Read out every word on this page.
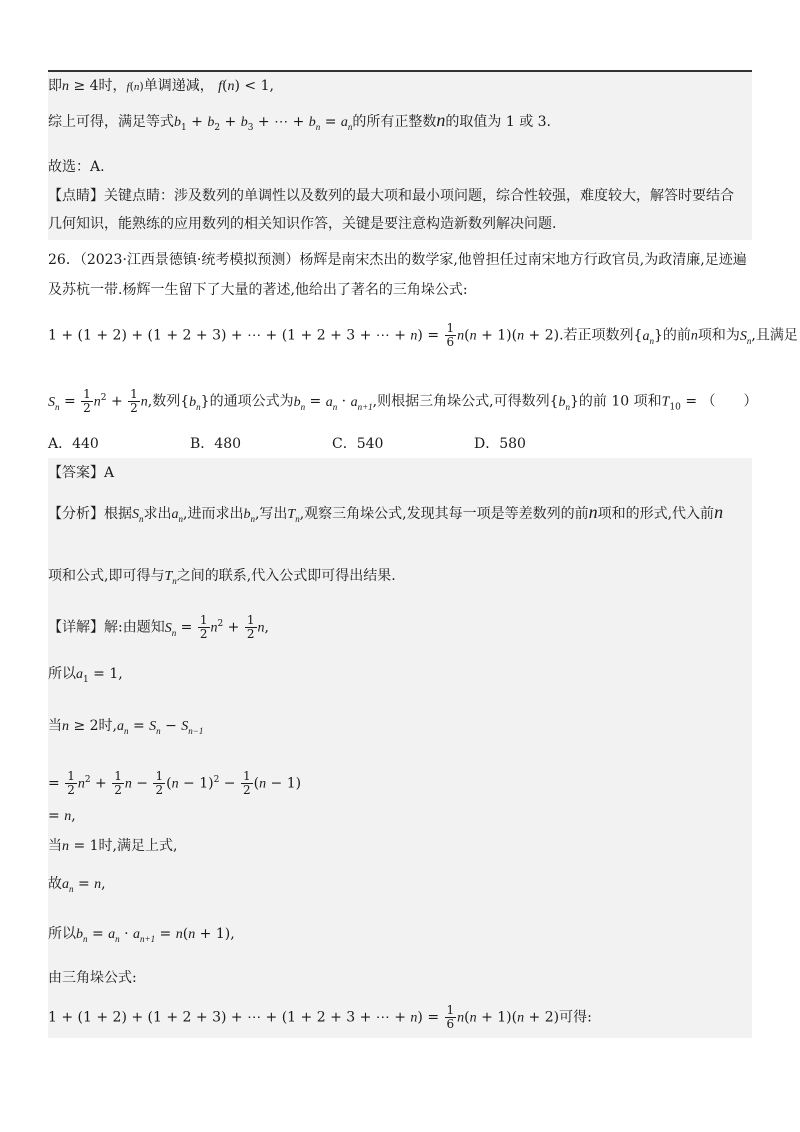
即n ≥ 4时，f(n)单调递减， f(n) < 1,
综上可得，满足等式$b_1 + b_2 + b_3$ + ⋯ + $b_n = a_n$的所有正整数n的取值为 1 或 3.
故选：A.
【点睛】关键点睛：涉及数列的单调性以及数列的最大项和最小项问题，综合性较强，难度较大，解答时要结合
几何知识，能熟练的应用数列的相关知识作答，关键是要注意构造新数列解决问题.
26．（2023·江西景德镇·统考模拟预测）杨辉是南宋杰出的数学家,他曾担任过南宋地方行政官员,为政清廉,足迹遍
及苏杭一带.杨辉一生留下了大量的著述,他给出了著名的三角垛公式:
1 + (1 + 2) + (1 + 2 + 3) + ⋯ + (1 + 2 + 3 + ⋯ + $n) = \frac{1}{6} n(n + 1)(n + 2)$.若正项数列$\{a_n\}$的前n项和为$S_n$,且满足
$S_n = \frac{1}{2} n^2 + \frac{1}{2} n$,数列$\{b_n\}$的通项公式为$b_n = a_n \cdot a_{n+1}$,则根据三角垛公式,可得数列$\{b_n\}$的前 10 项和$T_{10}$ = （　　）
A．440	B．480	C．540	D．580
【答案】A
【分析】根据$S_n$求出$a_n$,进而求出$b_n$,写出$T_n$,观察三角垛公式,发现其每一项是等差数列的前n项和的形式,代入前n
项和公式,即可得与$T_n$之间的联系,代入公式即可得出结果.
【详解】解:由题知$S_n = \frac{1}{2} n^2 + \frac{1}{2} n$,
所以$a_1 = 1$,
当n ≥ 2时$,a_n = S_n - S_{n-1}$
= $\frac{1}{2} n^2 + \frac{1}{2}$ $n - \frac{1}{2} (n - 1)^2 - \frac{1}{2} (n - 1)$
= n,
当n = 1时,满足上式,
故$a_n = n$,
所以$b_n = a_n \cdot a_{n+1} = n(n + 1)$,
由三角垛公式:
1 + (1 + 2) + (1 + 2 + 3) + ⋯ + (1 + 2 + 3 + ⋯ + $n) = \frac{1}{6} n(n + 1)(n + 2)$可得:
